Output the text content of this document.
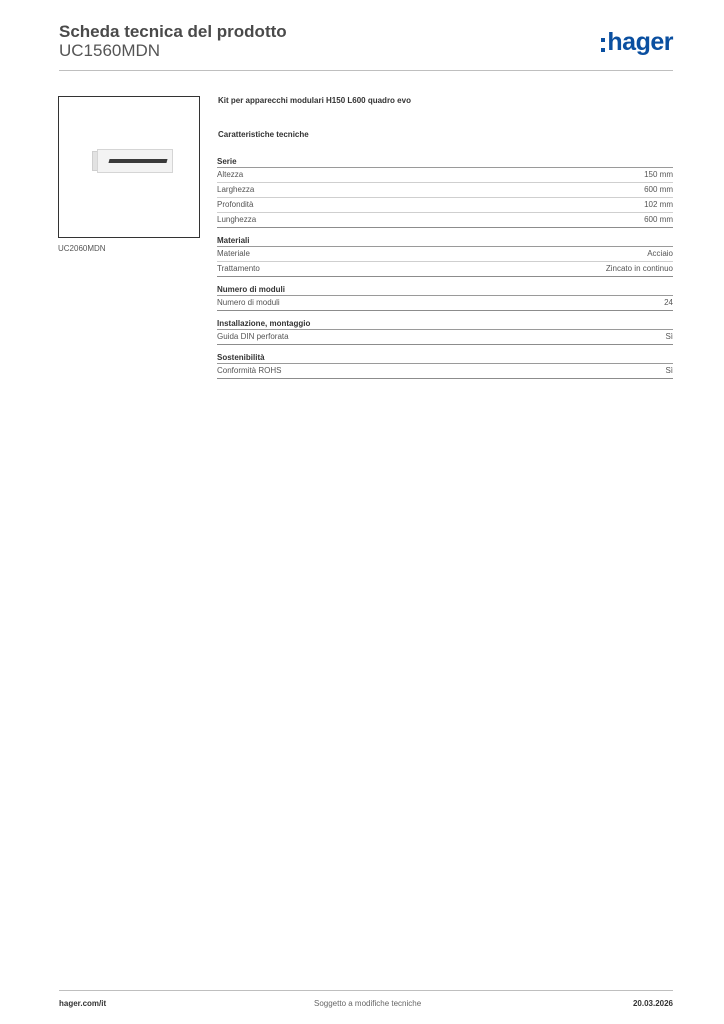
Scheda tecnica del prodotto
UC1560MDN	hager
UC2060MDN
Kit per apparecchi modulari H150 L600 quadro evo
Caratteristiche tecniche
Serie
Altezza	150 mm
Larghezza	600 mm
Profondità	102 mm
Lunghezza	600 mm
Materiali
Materiale	Acciaio
Trattamento	Zincato in continuo
Numero di moduli
Numero di moduli	24
Installazione, montaggio
Guida DIN perforata	Sì
Sostenibilità
Conformità ROHS	Sì
hager.com/it	Soggetto a modifiche tecniche	20.03.2026
